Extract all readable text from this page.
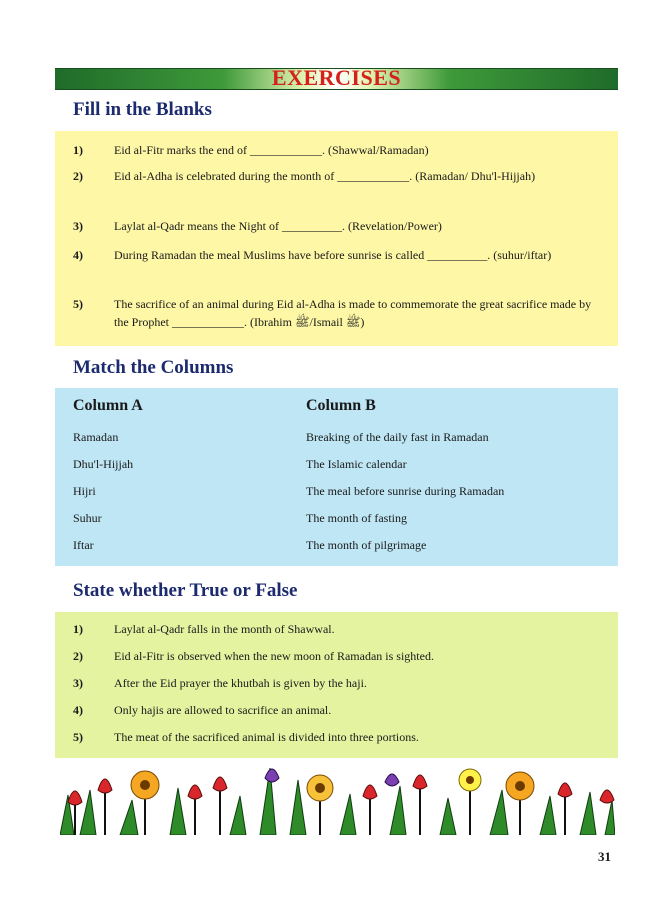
EXERCISES
Fill in the Blanks
1)	Eid al-Fitr marks the end of ____________. (Shawwal/Ramadan)
2)	Eid al-Adha is celebrated during the month of ____________. (Ramadan/ Dhu'l-Hijjah)
3)	Laylat al-Qadr means the Night of __________. (Revelation/Power)
4)	During Ramadan the meal Muslims have before sunrise is called __________. (suhur/iftar)
5)	The sacrifice of an animal during Eid al-Adha is made to commemorate the great sacrifice made by the Prophet ____________. (Ibrahim ﷺ/Ismail ﷺ)
Match the Columns
Column A	Column B
Ramadan	Breaking of the daily fast in Ramadan
Dhu'l-Hijjah	The Islamic calendar
Hijri	The meal before sunrise during Ramadan
Suhur	The month of fasting
Iftar	The month of pilgrimage
State whether True or False
1)	Laylat al-Qadr falls in the month of Shawwal.
2)	Eid al-Fitr is observed when the new moon of Ramadan is sighted.
3)	After the Eid prayer the khutbah is given by the haji.
4)	Only hajis are allowed to sacrifice an animal.
5)	The meat of the sacrificed animal is divided into three portions.
31
